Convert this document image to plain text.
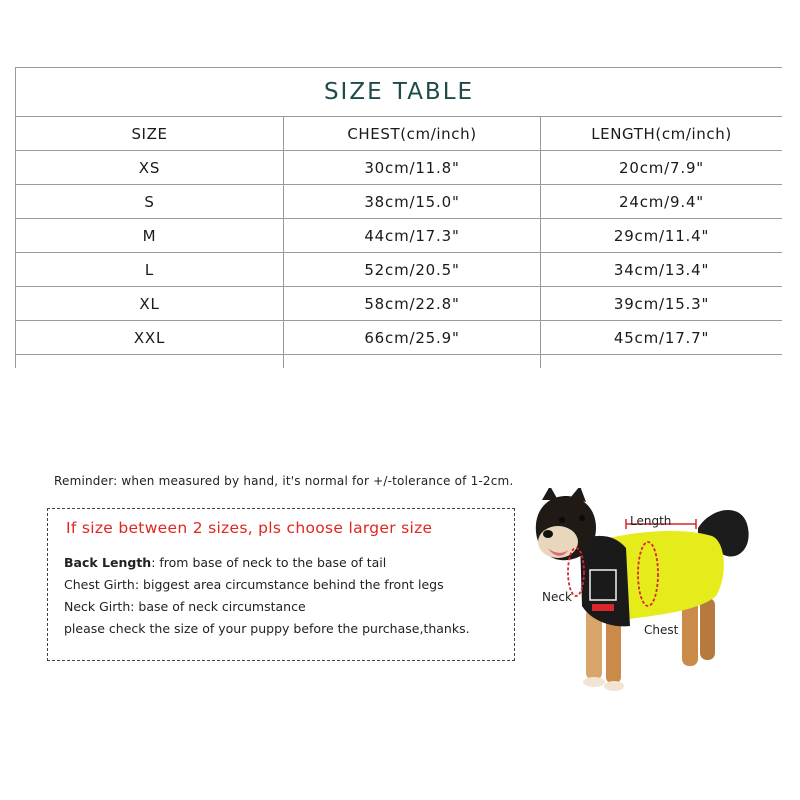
SIZE TABLE		
SIZE	CHEST(cm/inch)	LENGTH(cm/inch)
XS	30cm/11.8"	20cm/7.9"
S	38cm/15.0"	24cm/9.4"
M	44cm/17.3"	29cm/11.4"
L	52cm/20.5"	34cm/13.4"
XL	58cm/22.8"	39cm/15.3"
XXL	66cm/25.9"	45cm/17.7"

Reminder: when measured by hand, it's normal for +/-tolerance of 1-2cm.
If size between 2 sizes, pls choose larger size
Back Length: from base of neck to the base of tail
Chest Girth: biggest area circumstance behind the front legs
Neck Girth: base of neck circumstance
please check the size of your puppy before the purchase,thanks.
Length
Neck
Chest
